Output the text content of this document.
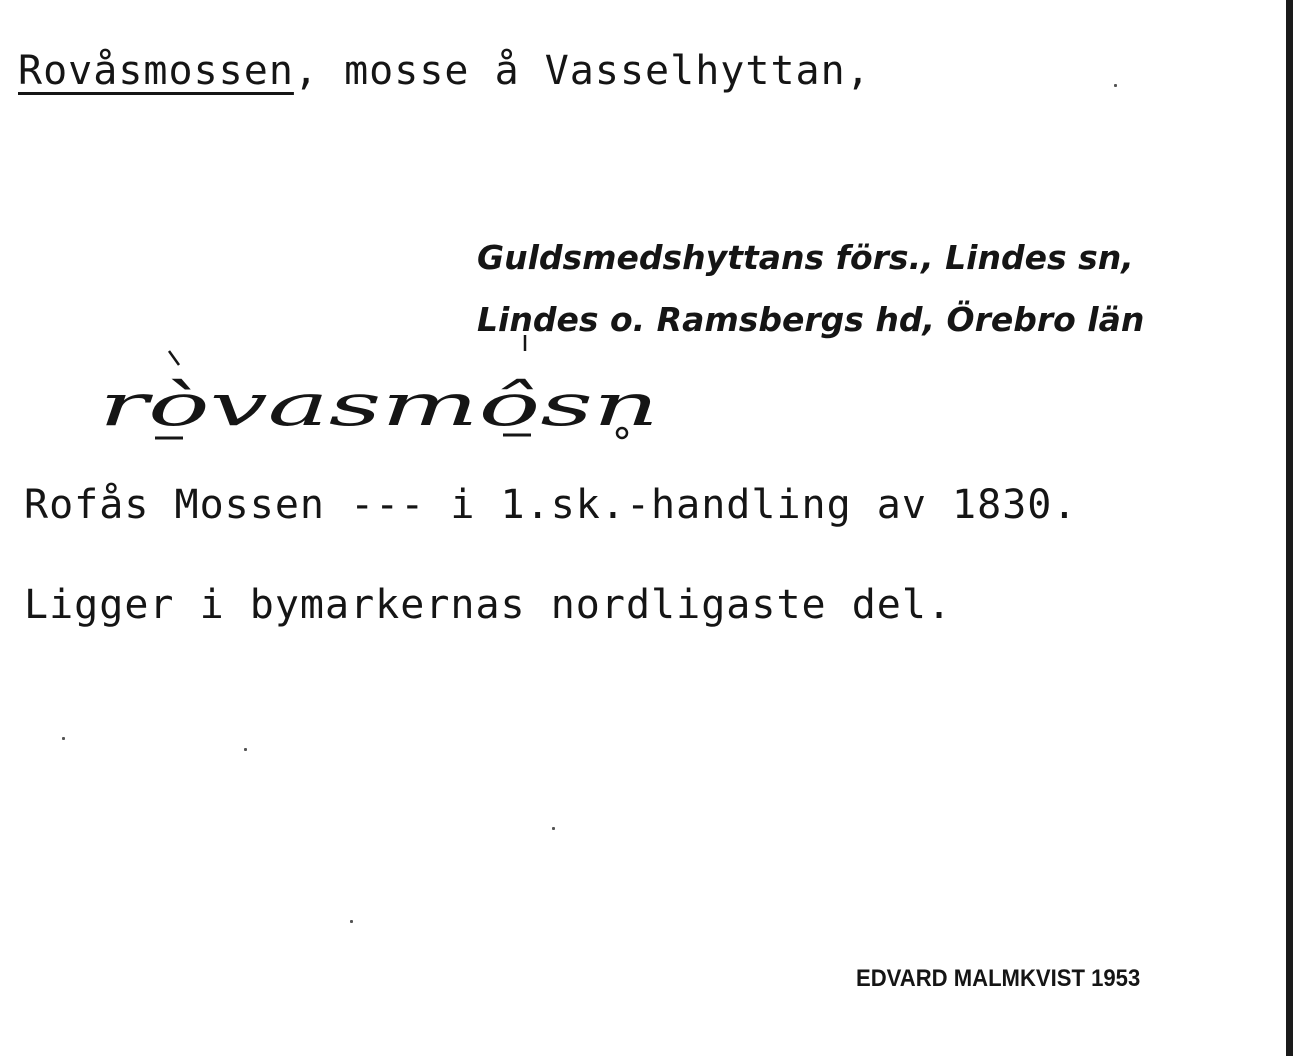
Rovåsmossen, mosse å Vasselhyttan,
Guldsmedshyttans förs., Lindes sn,
Lindes o. Ramsbergs hd, Örebro län
ròvasmôsn
Rofås Mossen --- i 1.sk.-handling av 1830.
Ligger i bymarkernas nordligaste del.
EDVARD MALMKVIST 1953
